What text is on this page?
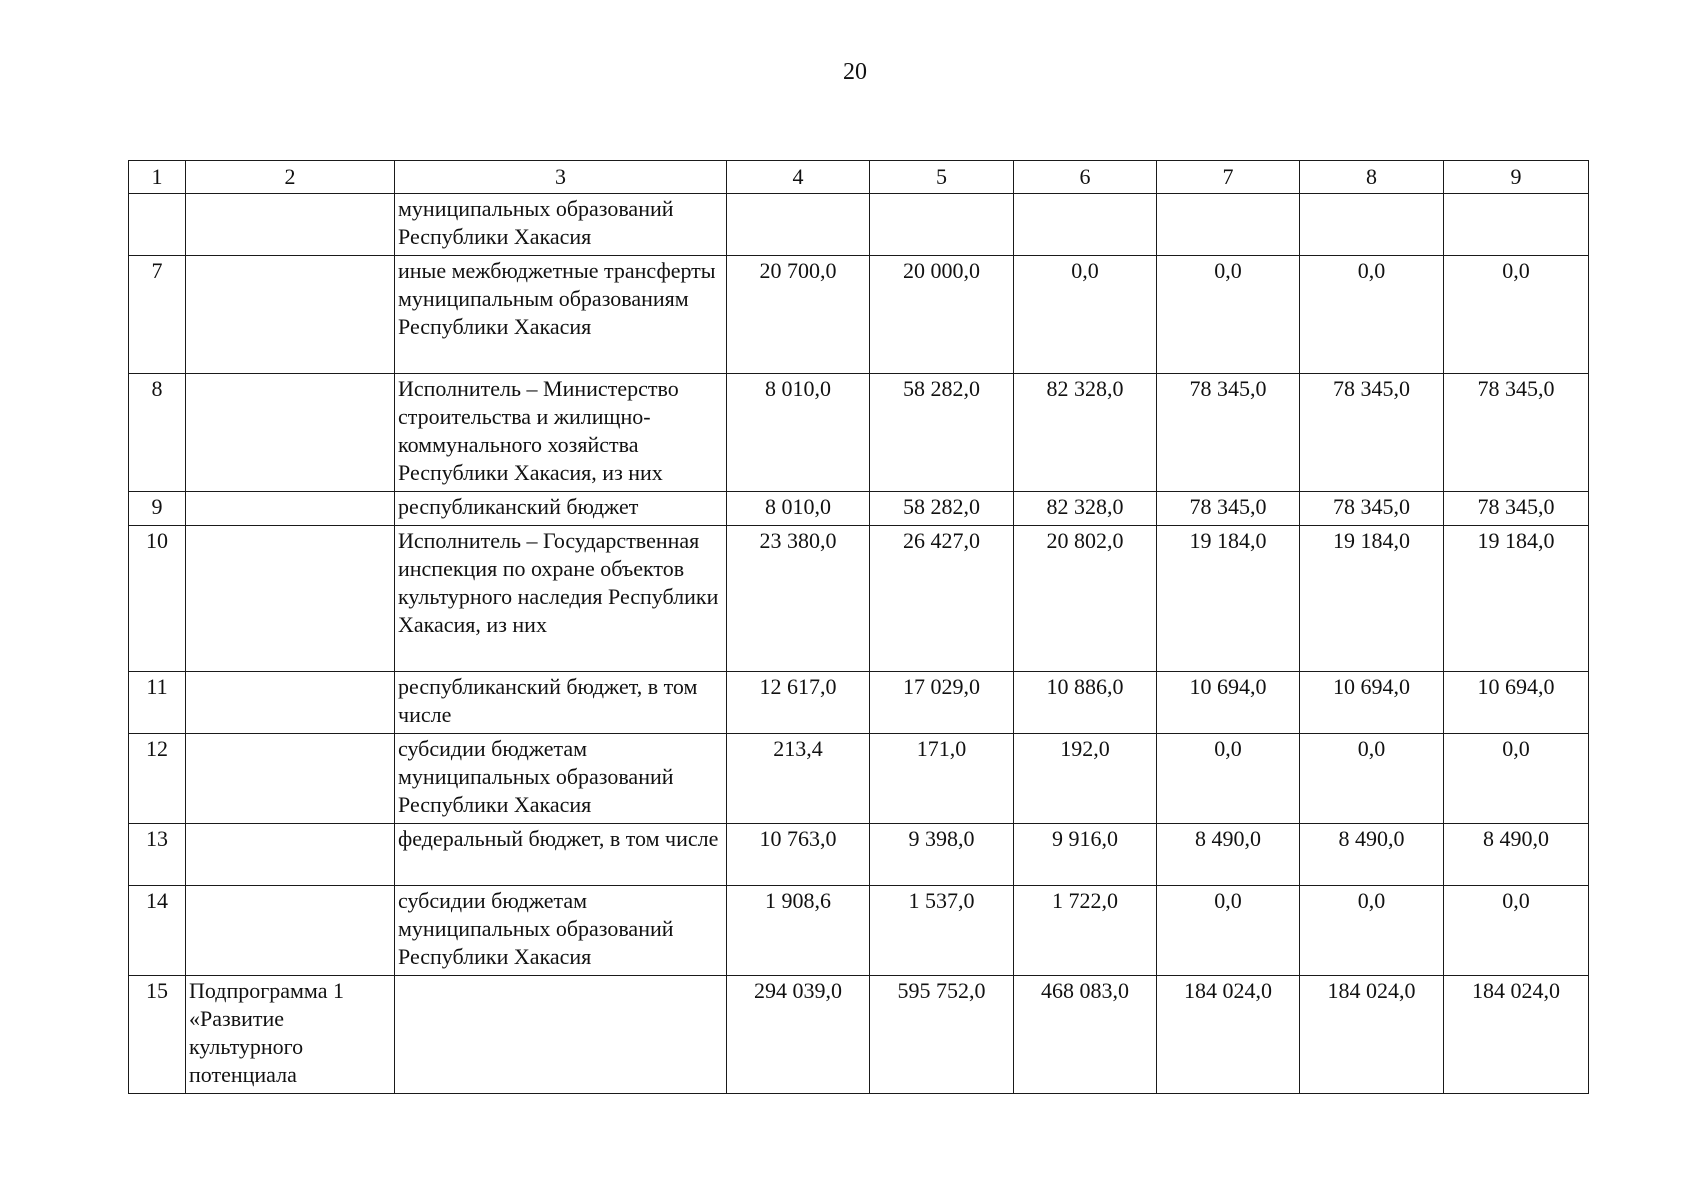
20
1	2	3	4	5	6	7	8	9
		муниципальных образований Республики Хакасия						
7		иные межбюджетные трансферты муниципальным образованиям Республики Хакасия	20 700,0	20 000,0	0,0	0,0	0,0	0,0
8		Исполнитель – Министерство строительства и жилищно-коммунального хозяйства Республики Хакасия, из них	8 010,0	58 282,0	82 328,0	78 345,0	78 345,0	78 345,0
9		республиканский бюджет	8 010,0	58 282,0	82 328,0	78 345,0	78 345,0	78 345,0
10		Исполнитель – Государственная инспекция по охране объектов культурного наследия Республики Хакасия, из них	23 380,0	26 427,0	20 802,0	19 184,0	19 184,0	19 184,0
11		республиканский бюджет, в том числе	12 617,0	17 029,0	10 886,0	10 694,0	10 694,0	10 694,0
12		субсидии бюджетам муниципальных образований Республики Хакасия	213,4	171,0	192,0	0,0	0,0	0,0
13		федеральный бюджет, в том числе	10 763,0	9 398,0	9 916,0	8 490,0	8 490,0	8 490,0
14		субсидии бюджетам муниципальных образований Республики Хакасия	1 908,6	1 537,0	1 722,0	0,0	0,0	0,0
15	Подпрограмма 1 «Развитие культурного потенциала		294 039,0	595 752,0	468 083,0	184 024,0	184 024,0	184 024,0
